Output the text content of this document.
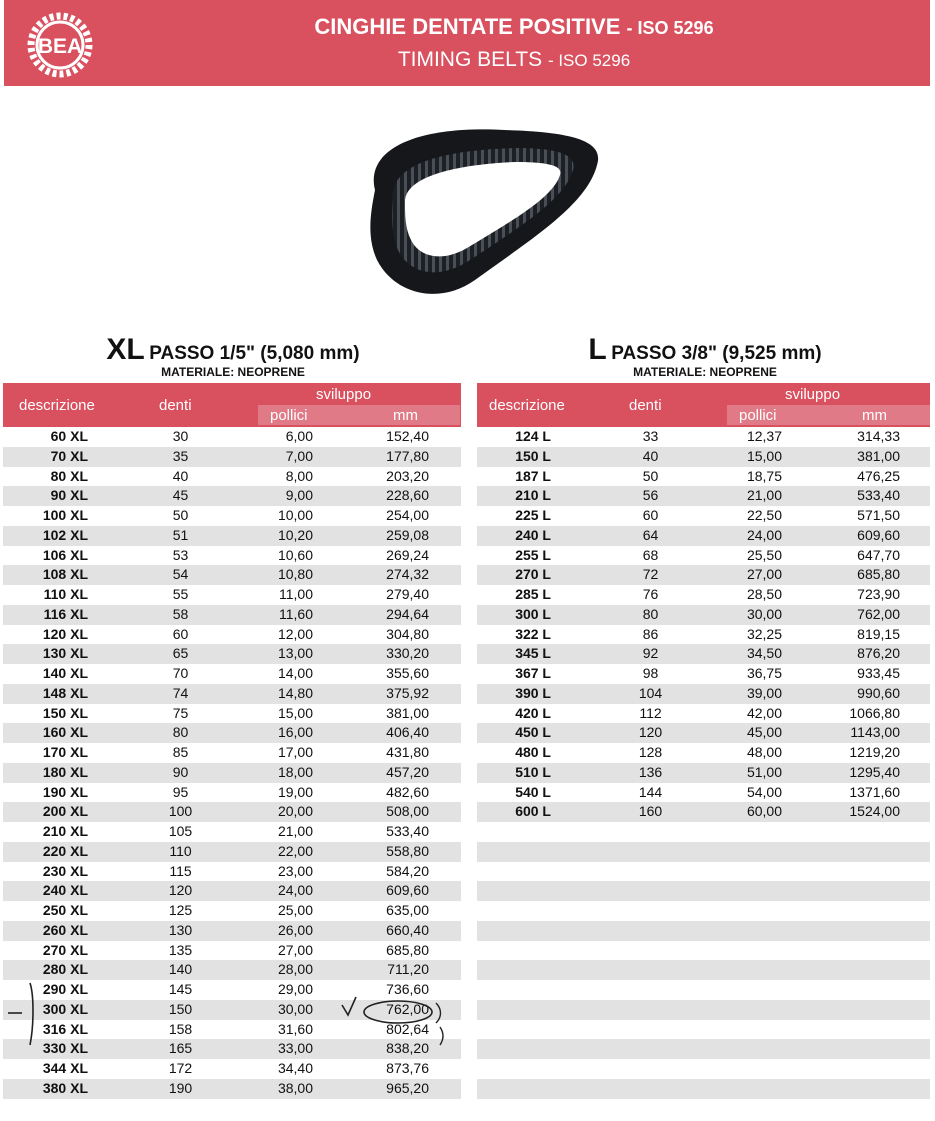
BEA
CINGHIE DENTATE POSITIVE - ISO 5296
TIMING BELTS - ISO 5296
XL PASSO 1/5" (5,080 mm)
MATERIALE: NEOPRENE
L PASSO 3/8" (9,525 mm)
MATERIALE: NEOPRENE
descrizione	denti
sviluppo
pollici	mm
60 XL	30	6,00	152,40
70 XL	35	7,00	177,80
80 XL	40	8,00	203,20
90 XL	45	9,00	228,60
100 XL	50	10,00	254,00
102 XL	51	10,20	259,08
106 XL	53	10,60	269,24
108 XL	54	10,80	274,32
110 XL	55	11,00	279,40
116 XL	58	11,60	294,64
120 XL	60	12,00	304,80
130 XL	65	13,00	330,20
140 XL	70	14,00	355,60
148 XL	74	14,80	375,92
150 XL	75	15,00	381,00
160 XL	80	16,00	406,40
170 XL	85	17,00	431,80
180 XL	90	18,00	457,20
190 XL	95	19,00	482,60
200 XL	100	20,00	508,00
210 XL	105	21,00	533,40
220 XL	110	22,00	558,80
230 XL	115	23,00	584,20
240 XL	120	24,00	609,60
250 XL	125	25,00	635,00
260 XL	130	26,00	660,40
270 XL	135	27,00	685,80
280 XL	140	28,00	711,20
290 XL	145	29,00	736,60
300 XL	150	30,00	762,00
316 XL	158	31,60	802,64
330 XL	165	33,00	838,20
344 XL	172	34,40	873,76
380 XL	190	38,00	965,20
descrizione	denti
sviluppo
pollici	mm
124 L	33	12,37	314,33
150 L	40	15,00	381,00
187 L	50	18,75	476,25
210 L	56	21,00	533,40
225 L	60	22,50	571,50
240 L	64	24,00	609,60
255 L	68	25,50	647,70
270 L	72	27,00	685,80
285 L	76	28,50	723,90
300 L	80	30,00	762,00
322 L	86	32,25	819,15
345 L	92	34,50	876,20
367 L	98	36,75	933,45
390 L	104	39,00	990,60
420 L	112	42,00	1066,80
450 L	120	45,00	1143,00
480 L	128	48,00	1219,20
510 L	136	51,00	1295,40
540 L	144	54,00	1371,60
600 L	160	60,00	1524,00
